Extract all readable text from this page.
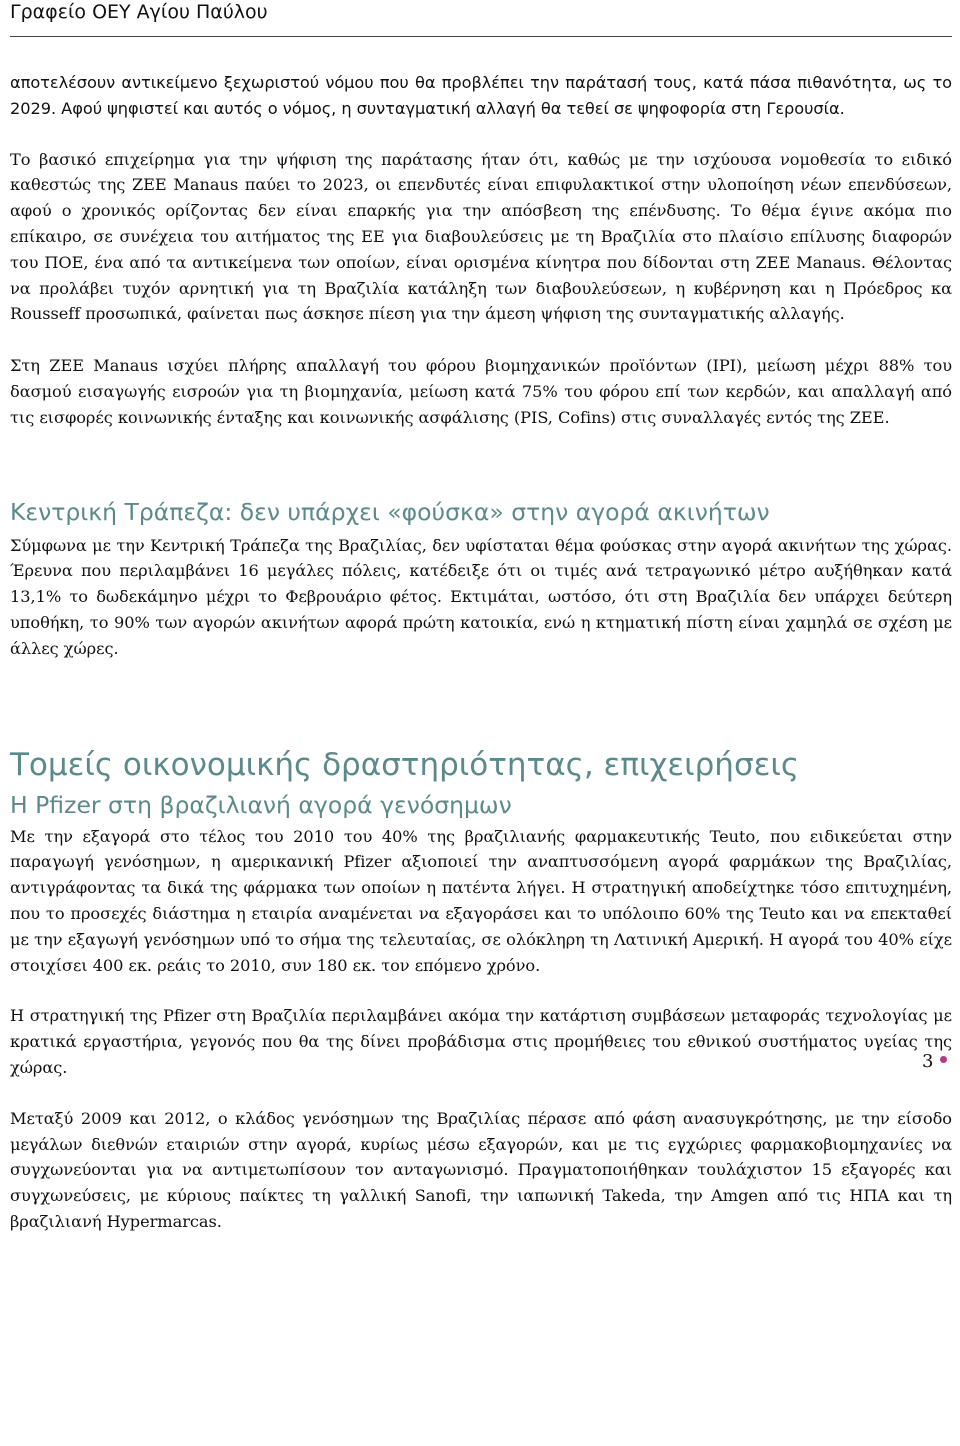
Γραφείο ΟΕΥ Αγίου Παύλου

αποτελέσουν αντικείμενο ξεχωριστού νόμου που θα προβλέπει την παράτασή τους, κατά πάσα πιθανότητα, ως το 2029. Αφού ψηφιστεί και αυτός ο νόμος, η συνταγματική αλλαγή θα τεθεί σε ψηφοφορία στη Γερουσία.

Το βασικό επιχείρημα για την ψήφιση της παράτασης ήταν ότι, καθώς με την ισχύουσα νομοθεσία το ειδικό καθεστώς της ΖΕΕ Manaus παύει το 2023, οι επενδυτές είναι επιφυλακτικοί στην υλοποίηση νέων επενδύσεων, αφού ο χρονικός ορίζοντας δεν είναι επαρκής για την απόσβεση της επένδυσης. Το θέμα έγινε ακόμα πιο επίκαιρο, σε συνέχεια του αιτήματος της ΕΕ για διαβουλεύσεις με τη Βραζιλία στο πλαίσιο επίλυσης διαφορών του ΠΟΕ, ένα από τα αντικείμενα των οποίων, είναι ορισμένα κίνητρα που δίδονται στη ΖΕΕ Manaus. Θέλοντας να προλάβει τυχόν αρνητική για τη Βραζιλία κατάληξη των διαβουλεύσεων, η κυβέρνηση και η Πρόεδρος κα Rousseff προσωπικά, φαίνεται πως άσκησε πίεση για την άμεση ψήφιση της συνταγματικής αλλαγής.

Στη ΖΕΕ Manaus ισχύει πλήρης απαλλαγή του φόρου βιομηχανικών προϊόντων (IPI), μείωση μέχρι 88% του δασμού εισαγωγής εισροών για τη βιομηχανία, μείωση κατά 75% του φόρου επί των κερδών, και απαλλαγή από τις εισφορές κοινωνικής ένταξης και κοινωνικής ασφάλισης (PIS, Cofins) στις συναλλαγές εντός της ΖΕΕ.

Κεντρική Τράπεζα: δεν υπάρχει «φούσκα» στην αγορά ακινήτων

Σύμφωνα με την Κεντρική Τράπεζα της Βραζιλίας, δεν υφίσταται θέμα φούσκας στην αγορά ακινήτων της χώρας. Έρευνα που περιλαμβάνει 16 μεγάλες πόλεις, κατέδειξε ότι οι τιμές ανά τετραγωνικό μέτρο αυξήθηκαν κατά 13,1% το δωδεκάμηνο μέχρι το Φεβρουάριο φέτος. Εκτιμάται, ωστόσο, ότι στη Βραζιλία δεν υπάρχει δεύτερη υποθήκη, το 90% των αγορών ακινήτων αφορά πρώτη κατοικία, ενώ η κτηματική πίστη είναι χαμηλά σε σχέση με άλλες χώρες.

Τομείς οικονομικής δραστηριότητας, επιχειρήσεις
Η Pfizer στη βραζιλιανή αγορά γενόσημων

Με την εξαγορά στο τέλος του 2010 του 40% της βραζιλιανής φαρμακευτικής Teuto, που ειδικεύεται στην παραγωγή γενόσημων, η αμερικανική Pfizer αξιοποιεί την αναπτυσσόμενη αγορά φαρμάκων της Βραζιλίας, αντιγράφοντας τα δικά της φάρμακα των οποίων η πατέντα λήγει. Η στρατηγική αποδείχτηκε τόσο επιτυχημένη, που το προσεχές διάστημα η εταιρία αναμένεται να εξαγοράσει και το υπόλοιπο 60% της Teuto και να επεκταθεί με την εξαγωγή γενόσημων υπό το σήμα της τελευταίας, σε ολόκληρη τη Λατινική Αμερική. Η αγορά του 40% είχε στοιχίσει 400 εκ. ρεάις το 2010, συν 180 εκ. τον επόμενο χρόνο.

Η στρατηγική της Pfizer στη Βραζιλία περιλαμβάνει ακόμα την κατάρτιση συμβάσεων μεταφοράς τεχνολογίας με κρατικά εργαστήρια, γεγονός που θα της δίνει προβάδισμα στις προμήθειες του εθνικού συστήματος υγείας της χώρας.

Μεταξύ 2009 και 2012, ο κλάδος γενόσημων της Βραζιλίας πέρασε από φάση ανασυγκρότησης, με την είσοδο μεγάλων διεθνών εταιριών στην αγορά, κυρίως μέσω εξαγορών, και με τις εγχώριες φαρμακοβιομηχανίες να συγχωνεύονται για να αντιμετωπίσουν τον ανταγωνισμό. Πραγματοποιήθηκαν τουλάχιστον 15 εξαγορές και συγχωνεύσεις, με κύριους παίκτες τη γαλλική Sanofi, την ιαπωνική Takeda, την Amgen από τις ΗΠΑ και τη βραζιλιανή Hypermarcas.

3
